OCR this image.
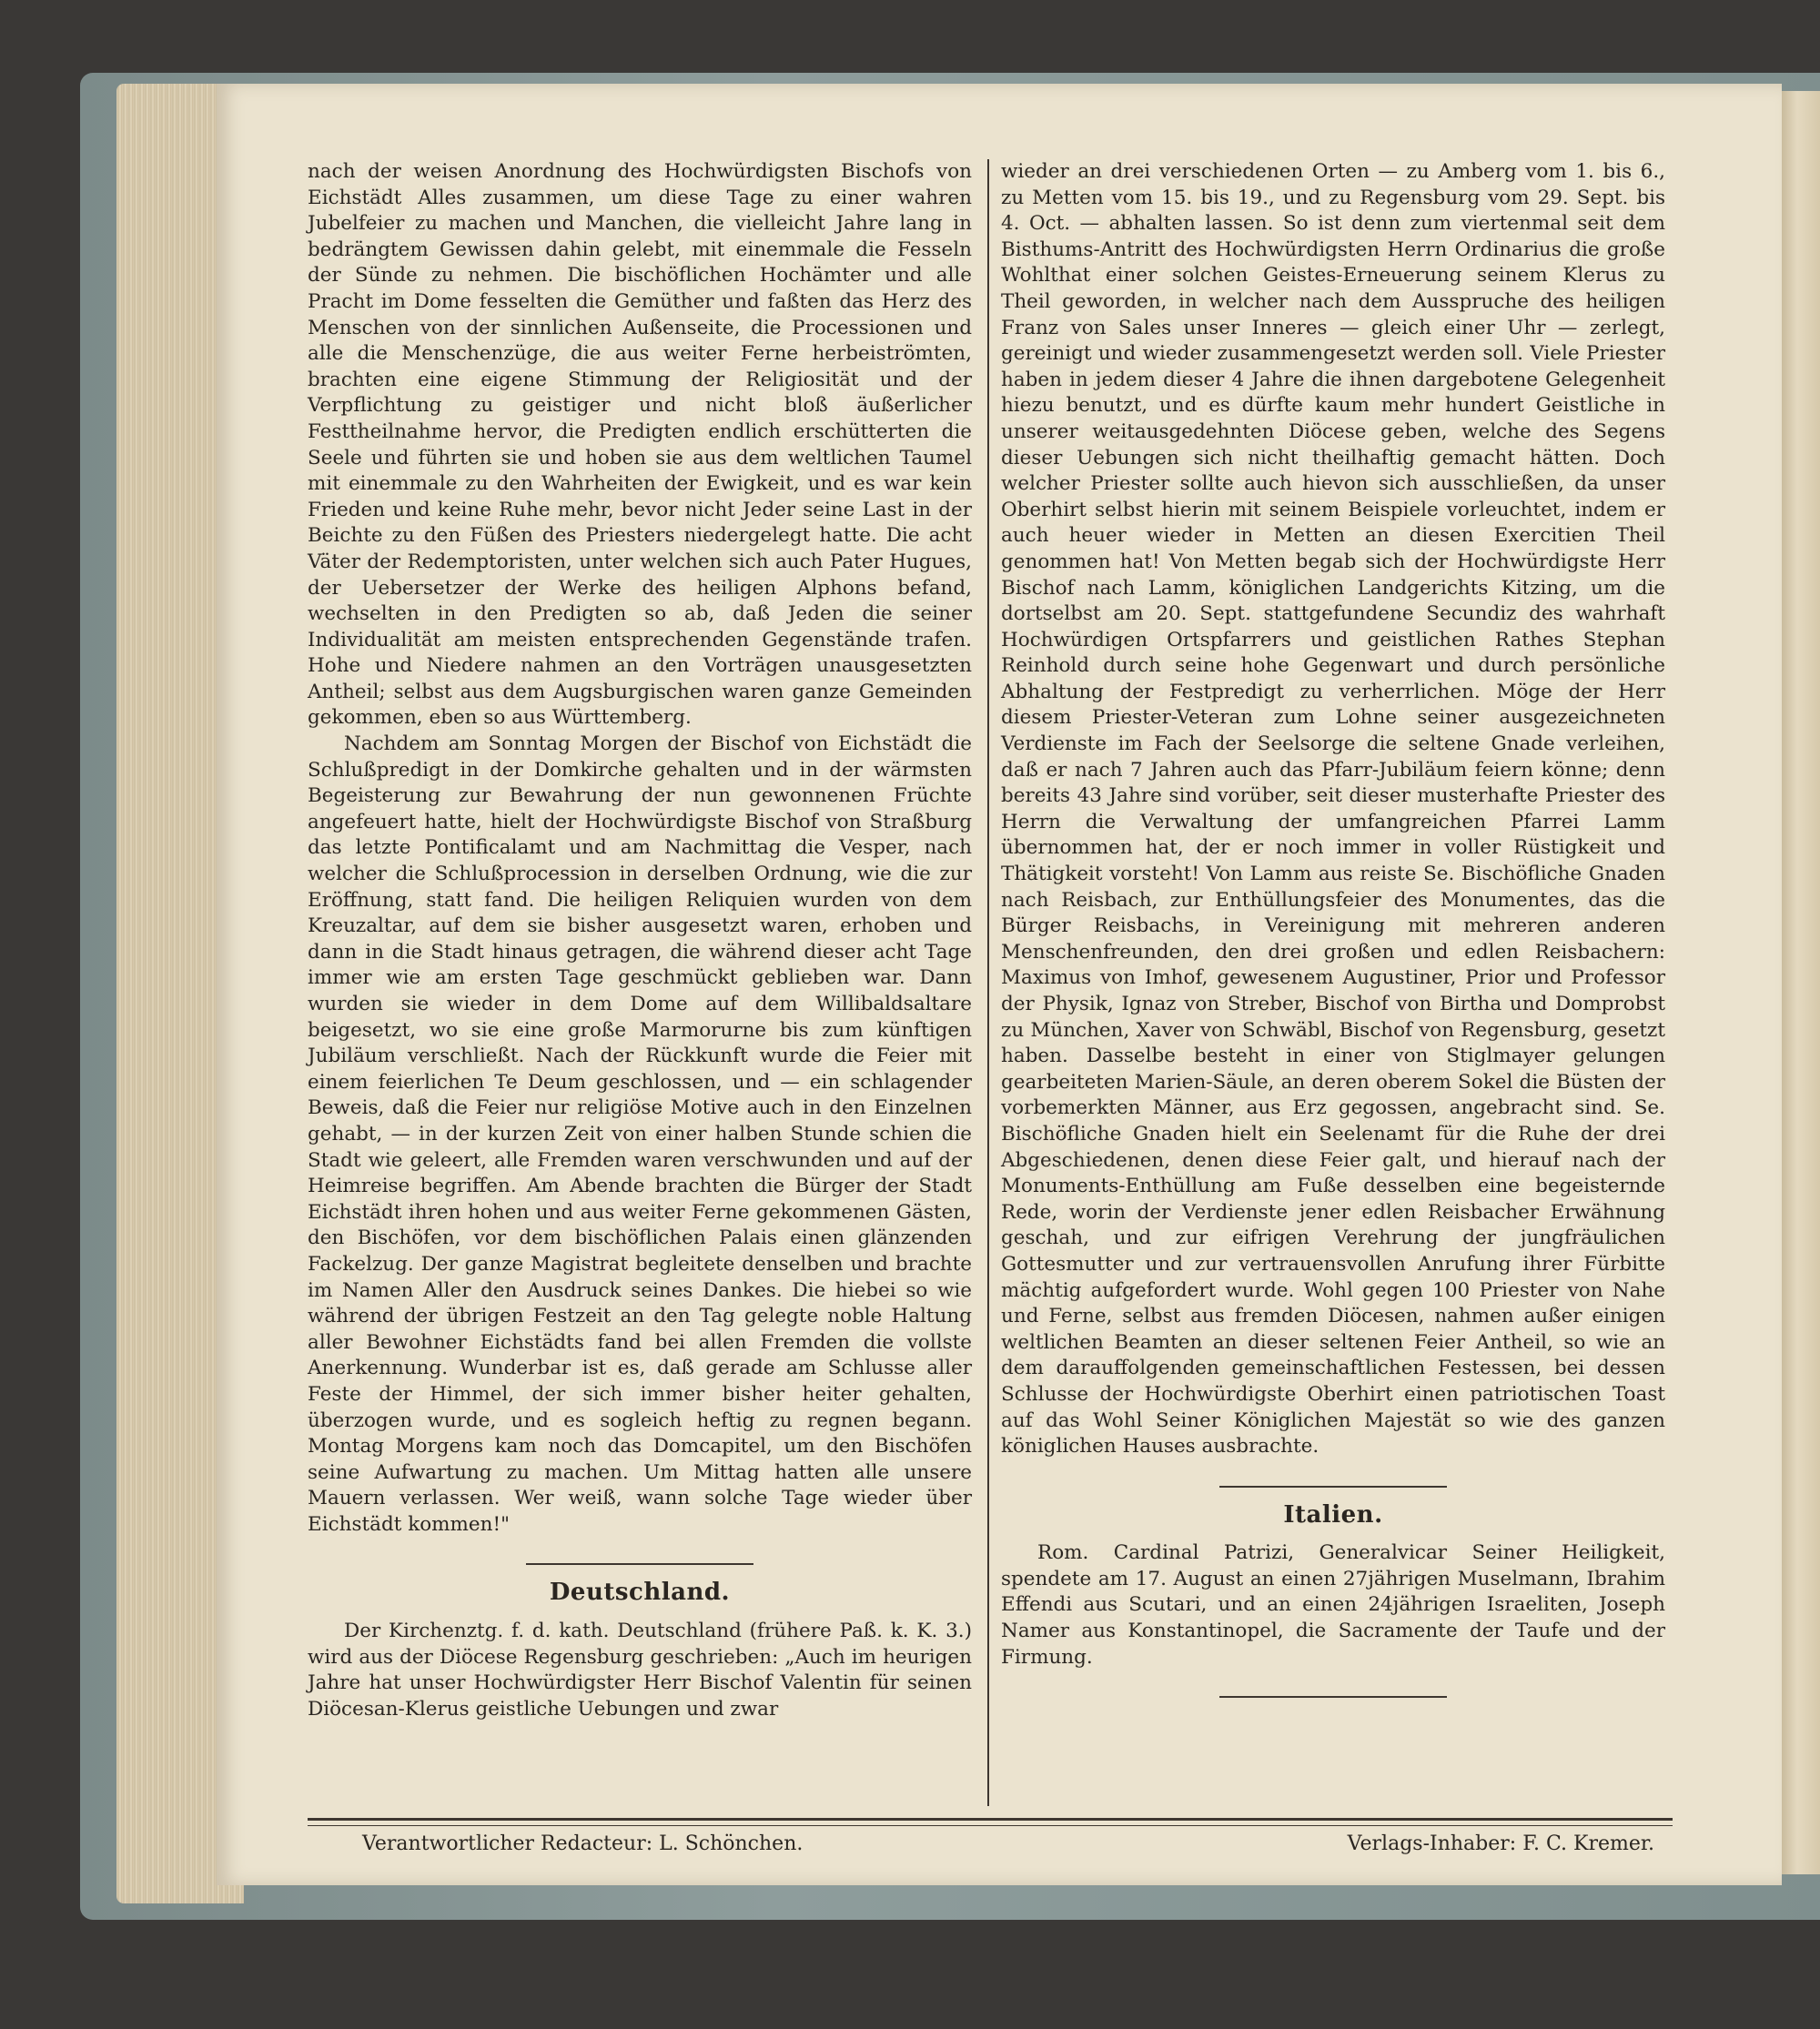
nach der weisen Anordnung des Hochwürdigsten Bischofs von Eichstädt Alles zusammen, um diese Tage zu einer wahren Jubelfeier zu machen und Manchen, die vielleicht Jahre lang in bedrängtem Gewissen dahin gelebt, mit einemmale die Fesseln der Sünde zu nehmen. Die bischöflichen Hochämter und alle Pracht im Dome fesselten die Gemüther und faßten das Herz des Menschen von der sinnlichen Außenseite, die Processionen und alle die Menschenzüge, die aus weiter Ferne herbeiströmten, brachten eine eigene Stimmung der Religiosität und der Verpflichtung zu geistiger und nicht bloß äußerlicher Festtheilnahme hervor, die Predigten endlich erschütterten die Seele und führten sie und hoben sie aus dem weltlichen Taumel mit einemmale zu den Wahrheiten der Ewigkeit, und es war kein Frieden und keine Ruhe mehr, bevor nicht Jeder seine Last in der Beichte zu den Füßen des Priesters niedergelegt hatte. Die acht Väter der Redemptoristen, unter welchen sich auch Pater Hugues, der Uebersetzer der Werke des heiligen Alphons befand, wechselten in den Predigten so ab, daß Jeden die seiner Individualität am meisten entsprechenden Gegenstände trafen. Hohe und Niedere nahmen an den Vorträgen unausgesetzten Antheil; selbst aus dem Augsburgischen waren ganze Gemeinden gekommen, eben so aus Württemberg.

Nachdem am Sonntag Morgen der Bischof von Eichstädt die Schlußpredigt in der Domkirche gehalten und in der wärmsten Begeisterung zur Bewahrung der nun gewonnenen Früchte angefeuert hatte, hielt der Hochwürdigste Bischof von Straßburg das letzte Pontificalamt und am Nachmittag die Vesper, nach welcher die Schlußprocession in derselben Ordnung, wie die zur Eröffnung, statt fand. Die heiligen Reliquien wurden von dem Kreuzaltar, auf dem sie bisher ausgesetzt waren, erhoben und dann in die Stadt hinaus getragen, die während dieser acht Tage immer wie am ersten Tage geschmückt geblieben war. Dann wurden sie wieder in dem Dome auf dem Willibaldsaltare beigesetzt, wo sie eine große Marmorurne bis zum künftigen Jubiläum verschließt. Nach der Rückkunft wurde die Feier mit einem feierlichen Te Deum geschlossen, und — ein schlagender Beweis, daß die Feier nur religiöse Motive auch in den Einzelnen gehabt, — in der kurzen Zeit von einer halben Stunde schien die Stadt wie geleert, alle Fremden waren verschwunden und auf der Heimreise begriffen. Am Abende brachten die Bürger der Stadt Eichstädt ihren hohen und aus weiter Ferne gekommenen Gästen, den Bischöfen, vor dem bischöflichen Palais einen glänzenden Fackelzug. Der ganze Magistrat begleitete denselben und brachte im Namen Aller den Ausdruck seines Dankes. Die hiebei so wie während der übrigen Festzeit an den Tag gelegte noble Haltung aller Bewohner Eichstädts fand bei allen Fremden die vollste Anerkennung. Wunderbar ist es, daß gerade am Schlusse aller Feste der Himmel, der sich immer bisher heiter gehalten, überzogen wurde, und es sogleich heftig zu regnen begann. Montag Morgens kam noch das Domcapitel, um den Bischöfen seine Aufwartung zu machen. Um Mittag hatten alle unsere Mauern verlassen. Wer weiß, wann solche Tage wieder über Eichstädt kommen!"

Deutschland.

Der Kirchenztg. f. d. kath. Deutschland (frühere Paß. k. K. 3.) wird aus der Diöcese Regensburg geschrieben: „Auch im heurigen Jahre hat unser Hochwürdigster Herr Bischof Valentin für seinen Diöcesan-Klerus geistliche Uebungen und zwar

wieder an drei verschiedenen Orten — zu Amberg vom 1. bis 6., zu Metten vom 15. bis 19., und zu Regensburg vom 29. Sept. bis 4. Oct. — abhalten lassen. So ist denn zum viertenmal seit dem Bisthums-Antritt des Hochwürdigsten Herrn Ordinarius die große Wohlthat einer solchen Geistes-Erneuerung seinem Klerus zu Theil geworden, in welcher nach dem Ausspruche des heiligen Franz von Sales unser Inneres — gleich einer Uhr — zerlegt, gereinigt und wieder zusammengesetzt werden soll. Viele Priester haben in jedem dieser 4 Jahre die ihnen dargebotene Gelegenheit hiezu benutzt, und es dürfte kaum mehr hundert Geistliche in unserer weitausgedehnten Diöcese geben, welche des Segens dieser Uebungen sich nicht theilhaftig gemacht hätten. Doch welcher Priester sollte auch hievon sich ausschließen, da unser Oberhirt selbst hierin mit seinem Beispiele vorleuchtet, indem er auch heuer wieder in Metten an diesen Exercitien Theil genommen hat! Von Metten begab sich der Hochwürdigste Herr Bischof nach Lamm, königlichen Landgerichts Kitzing, um die dortselbst am 20. Sept. stattgefundene Secundiz des wahrhaft Hochwürdigen Ortspfarrers und geistlichen Rathes Stephan Reinhold durch seine hohe Gegenwart und durch persönliche Abhaltung der Festpredigt zu verherrlichen. Möge der Herr diesem Priester-Veteran zum Lohne seiner ausgezeichneten Verdienste im Fach der Seelsorge die seltene Gnade verleihen, daß er nach 7 Jahren auch das Pfarr-Jubiläum feiern könne; denn bereits 43 Jahre sind vorüber, seit dieser musterhafte Priester des Herrn die Verwaltung der umfangreichen Pfarrei Lamm übernommen hat, der er noch immer in voller Rüstigkeit und Thätigkeit vorsteht! Von Lamm aus reiste Se. Bischöfliche Gnaden nach Reisbach, zur Enthüllungsfeier des Monumentes, das die Bürger Reisbachs, in Vereinigung mit mehreren anderen Menschenfreunden, den drei großen und edlen Reisbachern: Maximus von Imhof, gewesenem Augustiner, Prior und Professor der Physik, Ignaz von Streber, Bischof von Birtha und Domprobst zu München, Xaver von Schwäbl, Bischof von Regensburg, gesetzt haben. Dasselbe besteht in einer von Stiglmayer gelungen gearbeiteten Marien-Säule, an deren oberem Sokel die Büsten der vorbemerkten Männer, aus Erz gegossen, angebracht sind. Se. Bischöfliche Gnaden hielt ein Seelenamt für die Ruhe der drei Abgeschiedenen, denen diese Feier galt, und hierauf nach der Monuments-Enthüllung am Fuße desselben eine begeisternde Rede, worin der Verdienste jener edlen Reisbacher Erwähnung geschah, und zur eifrigen Verehrung der jungfräulichen Gottesmutter und zur vertrauensvollen Anrufung ihrer Fürbitte mächtig aufgefordert wurde. Wohl gegen 100 Priester von Nahe und Ferne, selbst aus fremden Diöcesen, nahmen außer einigen weltlichen Beamten an dieser seltenen Feier Antheil, so wie an dem darauffolgenden gemeinschaftlichen Festessen, bei dessen Schlusse der Hochwürdigste Oberhirt einen patriotischen Toast auf das Wohl Seiner Königlichen Majestät so wie des ganzen königlichen Hauses ausbrachte.

Italien.

Rom. Cardinal Patrizi, Generalvicar Seiner Heiligkeit, spendete am 17. August an einen 27jährigen Muselmann, Ibrahim Effendi aus Scutari, und an einen 24jährigen Israeliten, Joseph Namer aus Konstantinopel, die Sacramente der Taufe und der Firmung.

Verantwortlicher Redacteur: L. Schönchen.	Verlags-Inhaber: F. C. Kremer.
